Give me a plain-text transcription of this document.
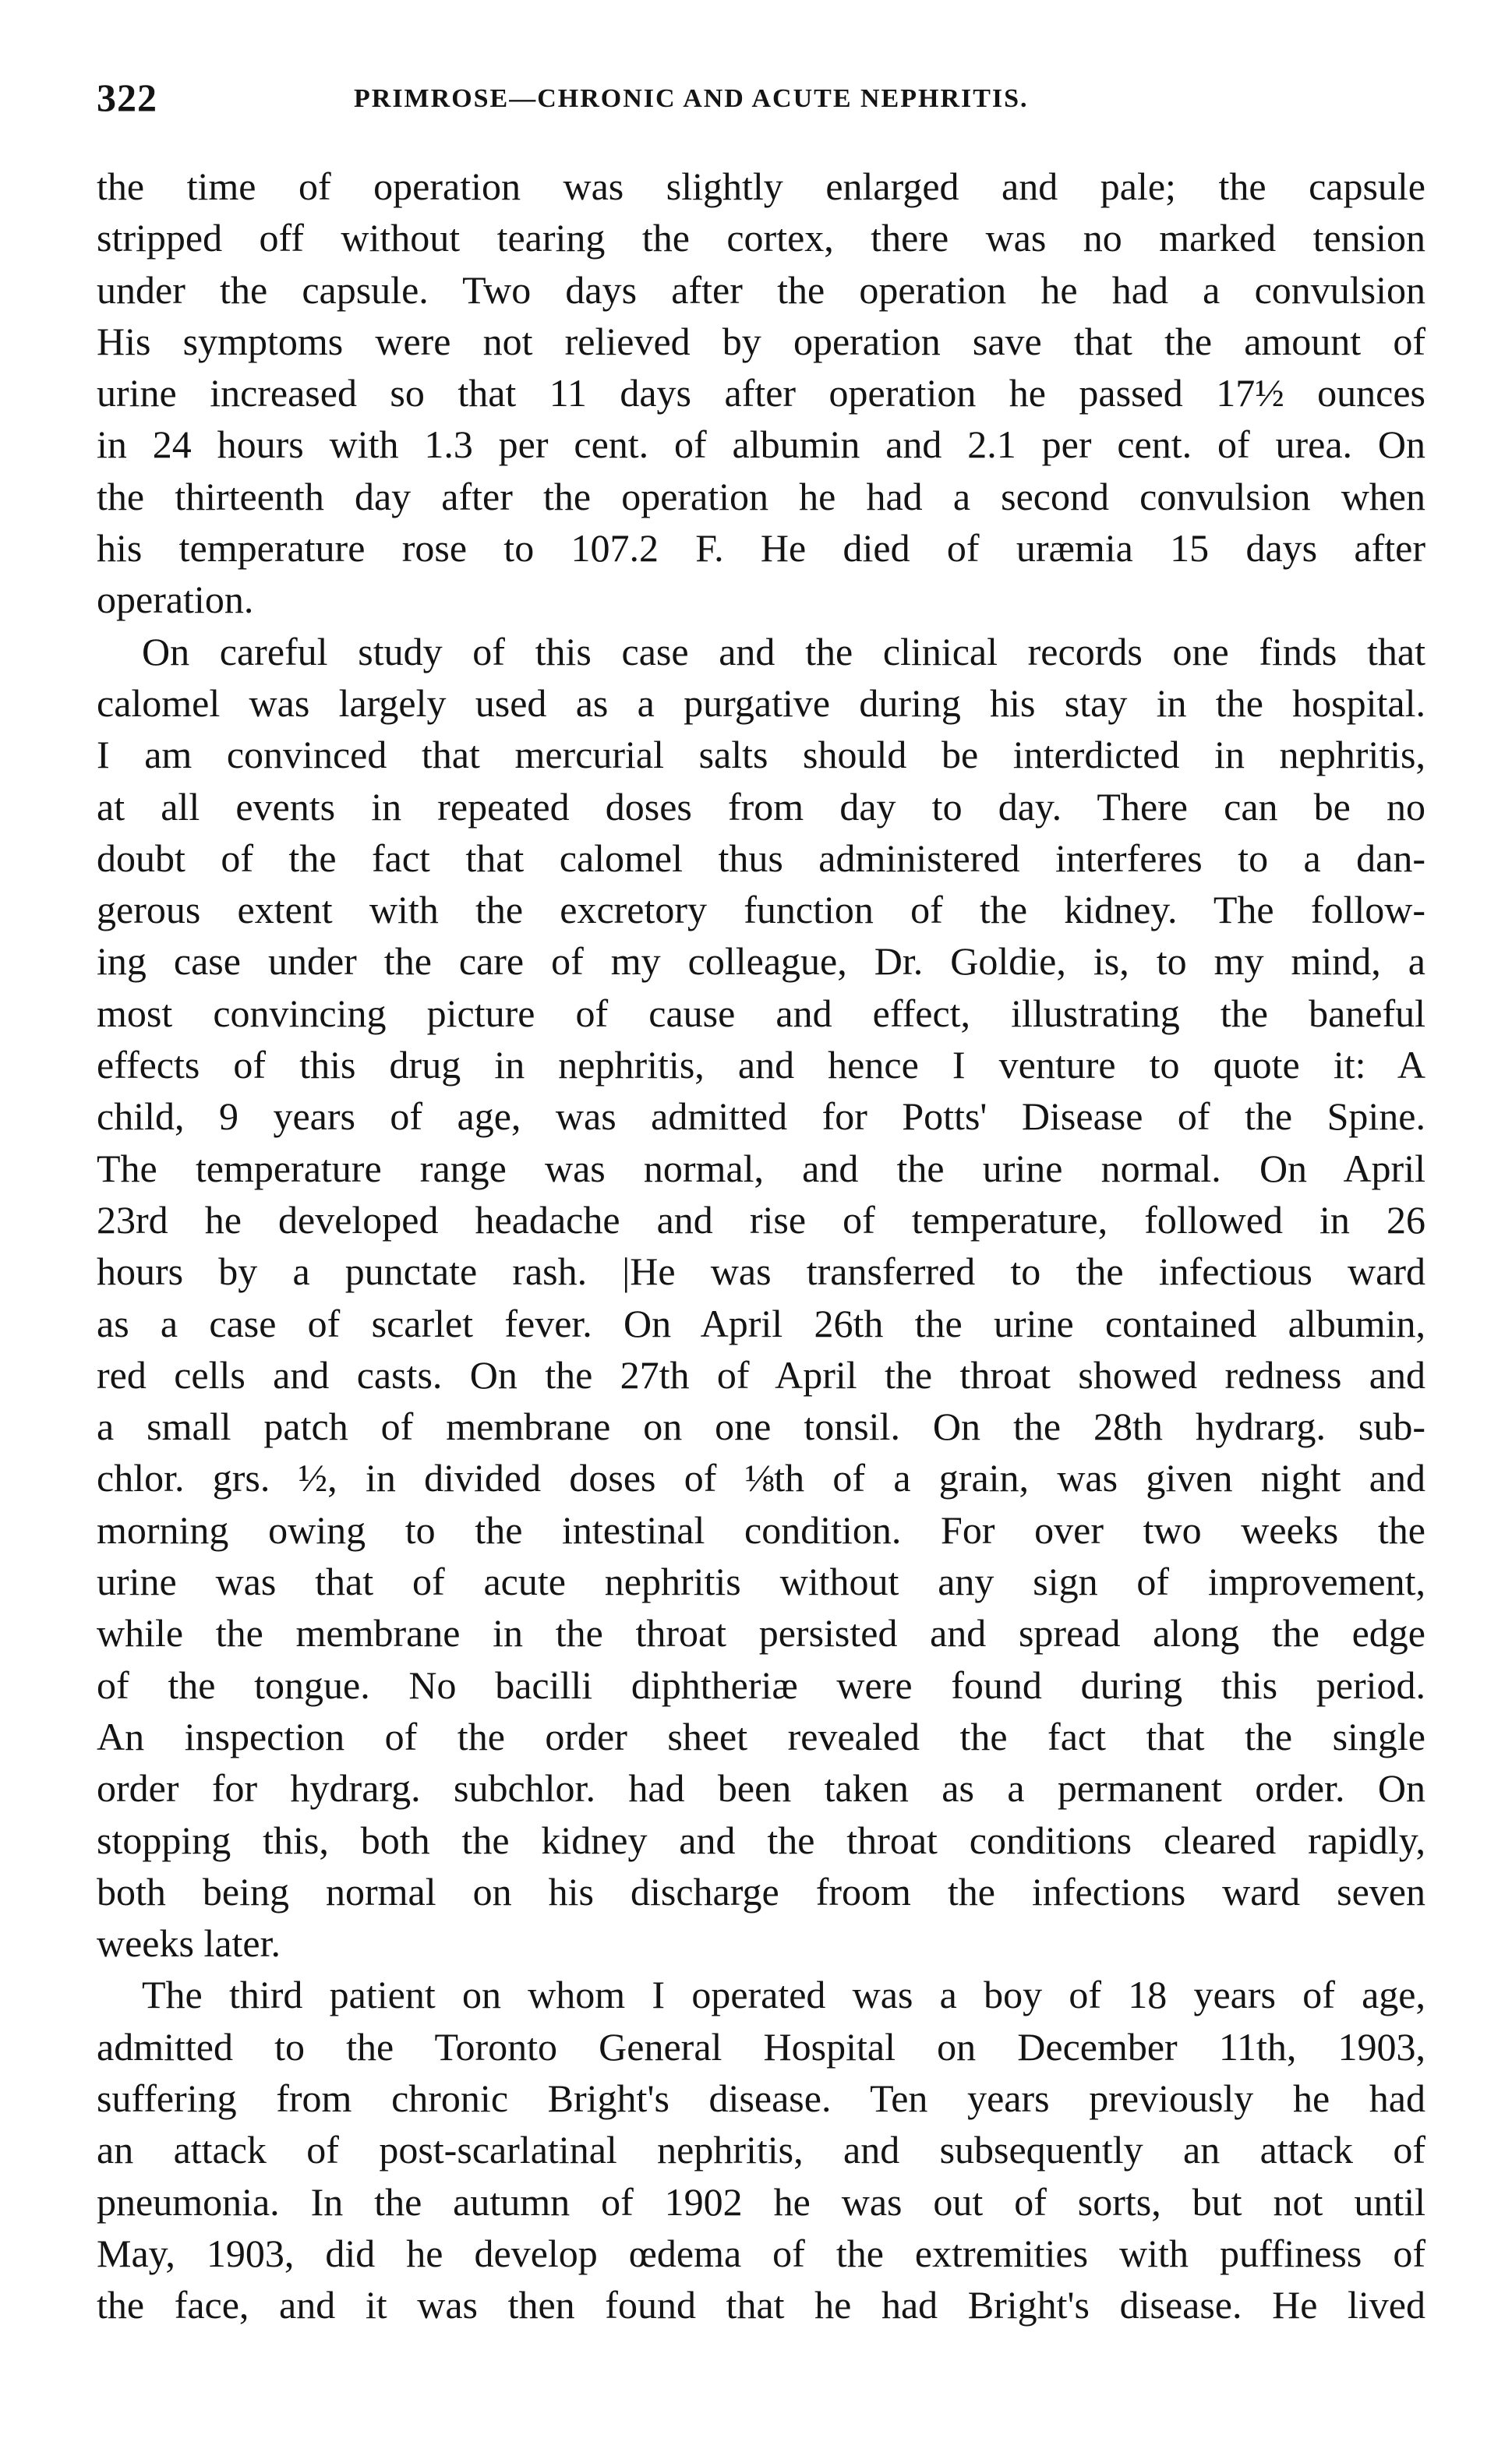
322	PRIMROSE—CHRONIC AND ACUTE NEPHRITIS.
the time of operation was slightly enlarged and pale; the capsule
stripped off without tearing the cortex, there was no marked tension
under the capsule. Two days after the operation he had a convulsion
His symptoms were not relieved by operation save that the amount of
urine increased so that 11 days after operation he passed 17½ ounces
in 24 hours with 1.3 per cent. of albumin and 2.1 per cent. of urea. On
the thirteenth day after the operation he had a second convulsion when
his temperature rose to 107.2 F. He died of uræmia 15 days after
operation.
On careful study of this case and the clinical records one finds that
calomel was largely used as a purgative during his stay in the hospital.
I am convinced that mercurial salts should be interdicted in nephritis,
at all events in repeated doses from day to day. There can be no
doubt of the fact that calomel thus administered interferes to a dan-
gerous extent with the excretory function of the kidney. The follow-
ing case under the care of my colleague, Dr. Goldie, is, to my mind, a
most convincing picture of cause and effect, illustrating the baneful
effects of this drug in nephritis, and hence I venture to quote it: A
child, 9 years of age, was admitted for Potts' Disease of the Spine.
The temperature range was normal, and the urine normal. On April
23rd he developed headache and rise of temperature, followed in 26
hours by a punctate rash. |He was transferred to the infectious ward
as a case of scarlet fever. On April 26th the urine contained albumin,
red cells and casts. On the 27th of April the throat showed redness and
a small patch of membrane on one tonsil. On the 28th hydrarg. sub-
chlor. grs. ½, in divided doses of ⅛th of a grain, was given night and
morning owing to the intestinal condition. For over two weeks the
urine was that of acute nephritis without any sign of improvement,
while the membrane in the throat persisted and spread along the edge
of the tongue. No bacilli diphtheriæ were found during this period.
An inspection of the order sheet revealed the fact that the single
order for hydrarg. subchlor. had been taken as a permanent order. On
stopping this, both the kidney and the throat conditions cleared rapidly,
both being normal on his discharge froom the infections ward seven
weeks later.
The third patient on whom I operated was a boy of 18 years of age,
admitted to the Toronto General Hospital on December 11th, 1903,
suffering from chronic Bright's disease. Ten years previously he had
an attack of post-scarlatinal nephritis, and subsequently an attack of
pneumonia. In the autumn of 1902 he was out of sorts, but not until
May, 1903, did he develop œdema of the extremities with puffiness of
the face, and it was then found that he had Bright's disease. He lived
